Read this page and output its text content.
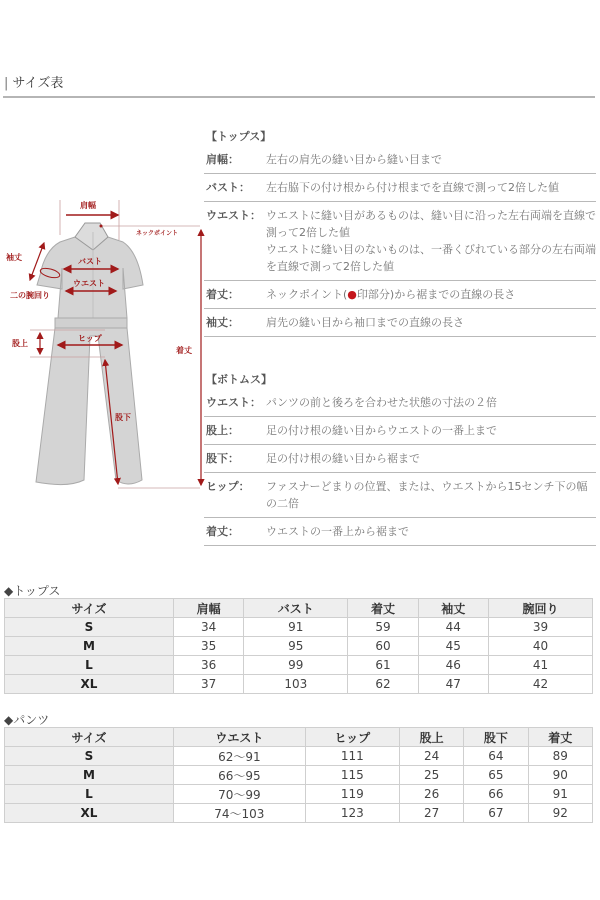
| サイズ表
肩幅
ネックポイント
袖丈	バスト
ウエスト
二の腕回り
股上
ヒップ
着丈
股下
【トップス】
肩幅：	左右の肩先の縫い目から縫い目まで

バスト：	左右脇下の付け根から付け根までを直線で測って2倍した値

ウエスト： ウエストに縫い目があるものは、縫い目に沿った左右両端を直線で測って2倍した値

ウエストに縫い目のないものは、一番くびれている部分の左右両端を直線で測って2倍した値

着丈：	ネックポイント(●印部分)から裾までの直線の長さ
袖丈：	肩先の縫い目から袖口までの直線の長さ

【ボトムス】
ウエスト： パンツの前と後ろを合わせた状態の寸法の２倍

股上：	足の付け根の縫い目からウエストの一番上まで

股下：	足の付け根の縫い目から裾まで

ヒップ：	ファスナーどまりの位置、または、ウエストから15センチ下の幅の二倍

着丈：	ウエストの一番上から裾まで

◆トップス
サイズ	肩幅	バスト	着丈	袖丈	腕回り
S	34	91	59	44	39
M	35	95	60	45	40
L	36	99	61	46	41
XL	37	103	62	47	42
◆パンツ
サイズ	ウエスト	ヒップ	股上	股下	着丈
S	62〜91	111	24	64	89
M	66〜95	115	25	65	90
L	70〜99	119	26	66	91
XL	74〜103	123	27	67	92
